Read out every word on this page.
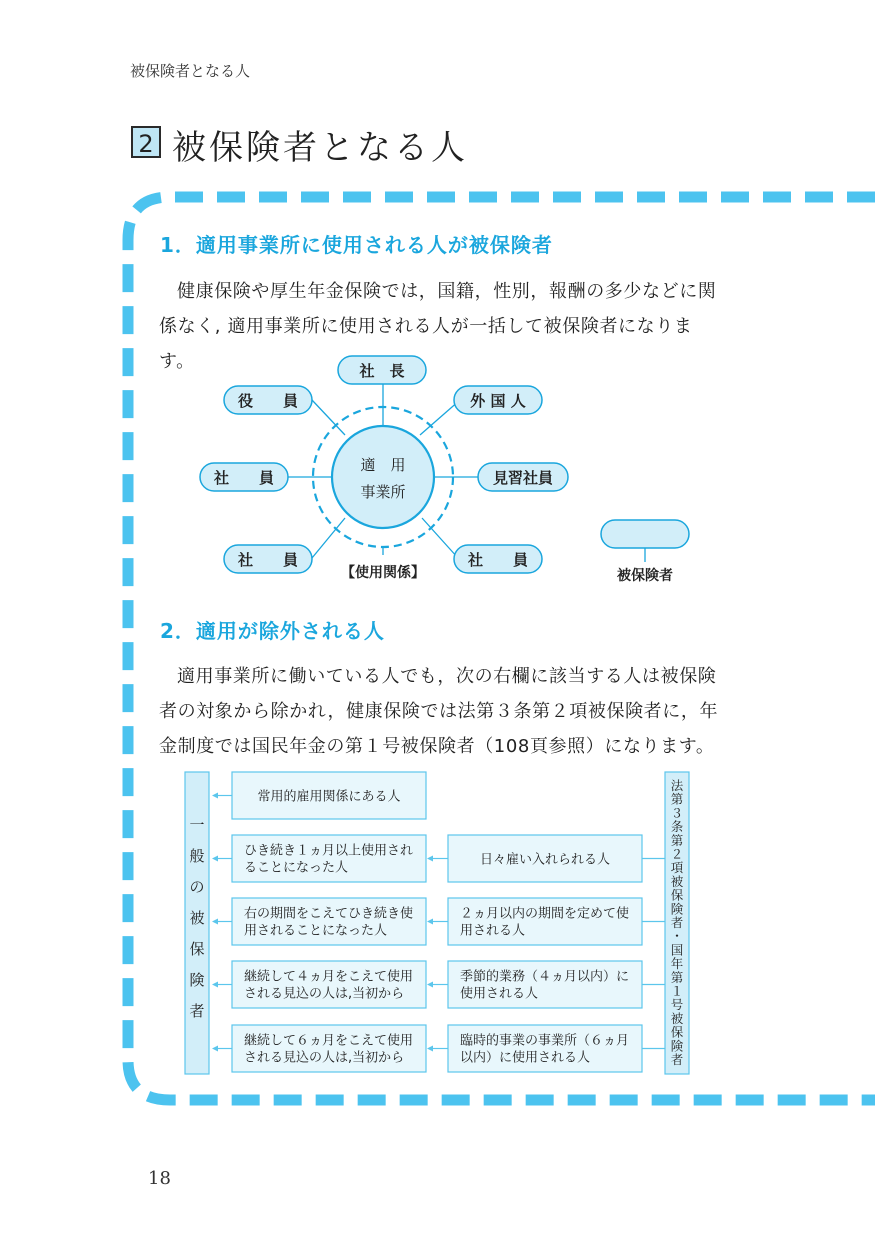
被保険者となる人
2 被保険者となる人
1．適用事業所に使用される人が被保険者
健康保険や厚生年金保険では，国籍，性別，報酬の多少などに関
係なく, 適用事業所に使用される人が一括して被保険者になります。
適　用
事業所
社　長
役　　員	外 国 人
社　　員	見習社員
社　　員	社　　員
【使用関係】	被保険者
2．適用が除外される人
適用事業所に働いている人でも，次の右欄に該当する人は被保険
者の対象から除かれ，健康保険では法第３条第２項被保険者に，年
金制度では国民年金の第１号被保険者（108頁参照）になります。
一
般
の
被
保
険
者
法
第
３
条
第
２
項
被
保
険
者
・
国
年
第
１
号
被
保
険
者
常用的雇用関係にある人
ひき続き１ヵ月以上使用され
ることになった人
日々雇い入れられる人
右の期間をこえてひき続き使
用されることになった人
２ヵ月以内の期間を定めて使
用される人
継続して４ヵ月をこえて使用
される見込の人は,当初から
季節的業務（４ヵ月以内）に
使用される人
継続して６ヵ月をこえて使用
される見込の人は,当初から
臨時的事業の事業所（６ヵ月
以内）に使用される人
18
